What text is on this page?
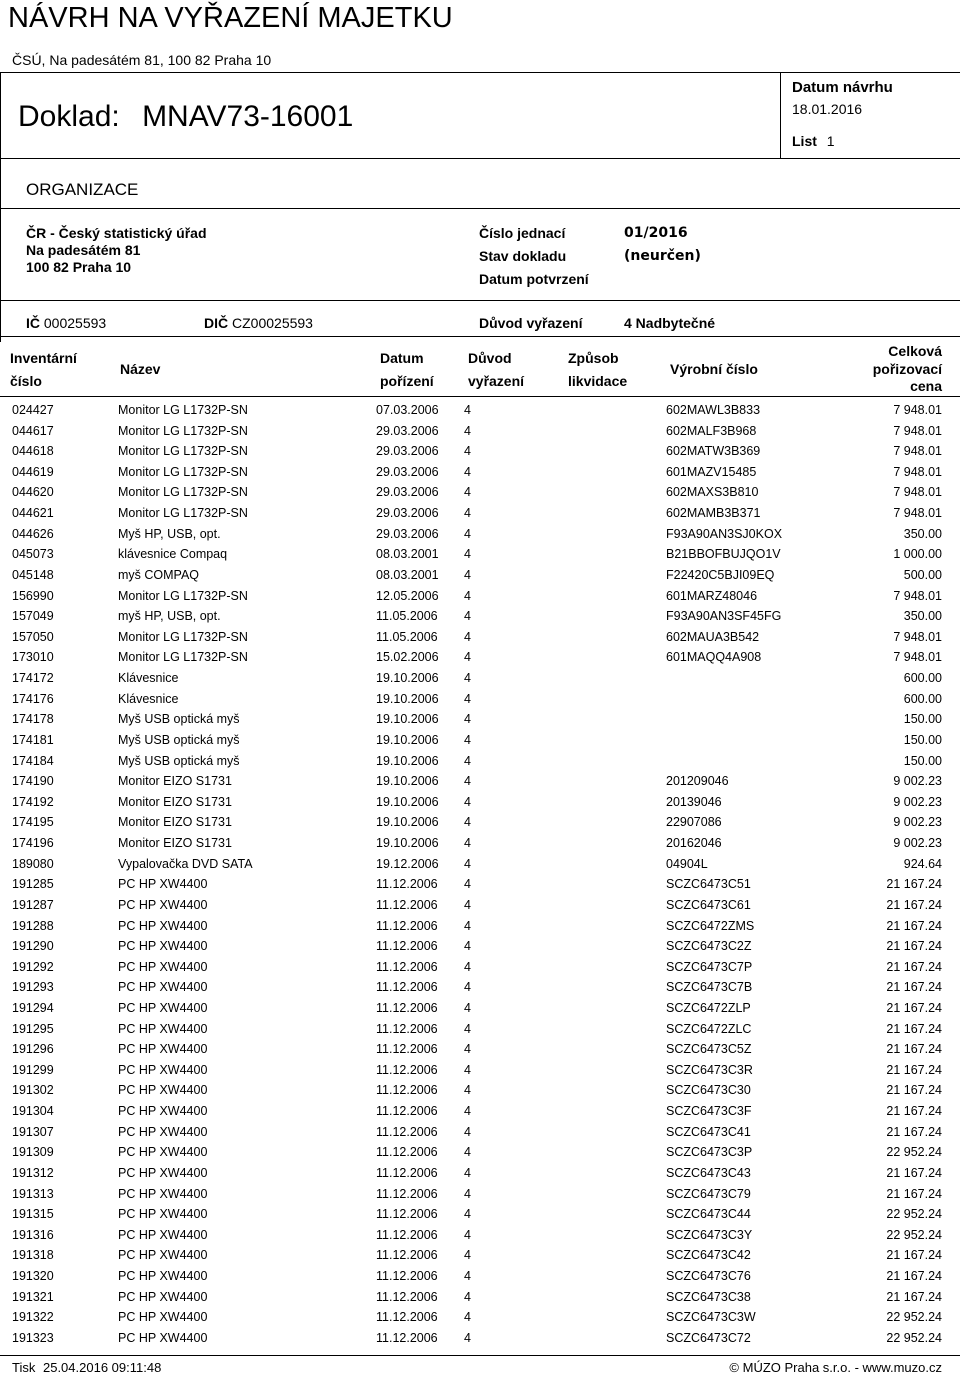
NÁVRH NA VYŘAZENÍ MAJETKU
ČSÚ, Na padesátém 81, 100 82 Praha 10
Doklad: MNAV73-16001
Datum návrhu
18.01.2016
List 1
ORGANIZACE
ČR - Český statistický úřad
Na padesátém 81
100 82 Praha 10
Číslo jednací	01/2016
Stav dokladu	(neurčen)
Datum potvrzení
IČ 00025593	DIČ CZ00025593	Důvod vyřazení	4 Nadbytečné
Inventární
číslo
Název
Datum
pořízení
Důvod
vyřazení
Způsob
likvidace
Výrobní číslo
Celková
pořizovací
cena
024427	Monitor LG L1732P-SN	07.03.2006 4	602MAWL3B833	7 948.01
044617	Monitor LG L1732P-SN	29.03.2006 4	602MALF3B968	7 948.01
044618	Monitor LG L1732P-SN	29.03.2006 4	602MATW3B369	7 948.01
044619	Monitor LG L1732P-SN	29.03.2006 4	601MAZV15485	7 948.01
044620	Monitor LG L1732P-SN	29.03.2006 4	602MAXS3B810	7 948.01
044621	Monitor LG L1732P-SN	29.03.2006 4	602MAMB3B371	7 948.01
044626	Myš HP, USB, opt.	29.03.2006 4	F93A90AN3SJ0KOX	350.00
045073	klávesnice Compaq	08.03.2001 4	B21BBOFBUJQO1V	1 000.00
045148	myš COMPAQ	08.03.2001 4	F22420C5BJI09EQ	500.00
156990	Monitor LG L1732P-SN	12.05.2006 4	601MARZ48046	7 948.01
157049	myš HP, USB, opt.	11.05.2006 4	F93A90AN3SF45FG	350.00
157050	Monitor LG L1732P-SN	11.05.2006 4	602MAUA3B542	7 948.01
173010	Monitor LG L1732P-SN	15.02.2006 4	601MAQQ4A908	7 948.01
174172	Klávesnice	19.10.2006 4	600.00
174176	Klávesnice	19.10.2006 4	600.00
174178	Myš USB optická myš	19.10.2006 4	150.00
174181	Myš USB optická myš	19.10.2006 4	150.00
174184	Myš USB optická myš	19.10.2006 4	150.00
174190	Monitor EIZO S1731	19.10.2006 4	201209046	9 002.23
174192	Monitor EIZO S1731	19.10.2006 4	20139046	9 002.23
174195	Monitor EIZO S1731	19.10.2006 4	22907086	9 002.23
174196	Monitor EIZO S1731	19.10.2006 4	20162046	9 002.23
189080	Vypalovačka DVD SATA	19.12.2006 4	04904L	924.64
191285	PC HP XW4400	11.12.2006 4	SCZC6473C51	21 167.24
191287	PC HP XW4400	11.12.2006 4	SCZC6473C61	21 167.24
191288	PC HP XW4400	11.12.2006 4	SCZC6472ZMS	21 167.24
191290	PC HP XW4400	11.12.2006 4	SCZC6473C2Z	21 167.24
191292	PC HP XW4400	11.12.2006 4	SCZC6473C7P	21 167.24
191293	PC HP XW4400	11.12.2006 4	SCZC6473C7B	21 167.24
191294	PC HP XW4400	11.12.2006 4	SCZC6472ZLP	21 167.24
191295	PC HP XW4400	11.12.2006 4	SCZC6472ZLC	21 167.24
191296	PC HP XW4400	11.12.2006 4	SCZC6473C5Z	21 167.24
191299	PC HP XW4400	11.12.2006 4	SCZC6473C3R	21 167.24
191302	PC HP XW4400	11.12.2006 4	SCZC6473C30	21 167.24
191304	PC HP XW4400	11.12.2006 4	SCZC6473C3F	21 167.24
191307	PC HP XW4400	11.12.2006 4	SCZC6473C41	21 167.24
191309	PC HP XW4400	11.12.2006 4	SCZC6473C3P	22 952.24
191312	PC HP XW4400	11.12.2006 4	SCZC6473C43	21 167.24
191313	PC HP XW4400	11.12.2006 4	SCZC6473C79	21 167.24
191315	PC HP XW4400	11.12.2006 4	SCZC6473C44	22 952.24
191316	PC HP XW4400	11.12.2006 4	SCZC6473C3Y	22 952.24
191318	PC HP XW4400	11.12.2006 4	SCZC6473C42	21 167.24
191320	PC HP XW4400	11.12.2006 4	SCZC6473C76	21 167.24
191321	PC HP XW4400	11.12.2006 4	SCZC6473C38	21 167.24
191322	PC HP XW4400	11.12.2006 4	SCZC6473C3W	22 952.24
191323	PC HP XW4400	11.12.2006 4	SCZC6473C72	22 952.24
Tisk 25.04.2016 09:11:48	© MÚZO Praha s.r.o. - www.muzo.cz
